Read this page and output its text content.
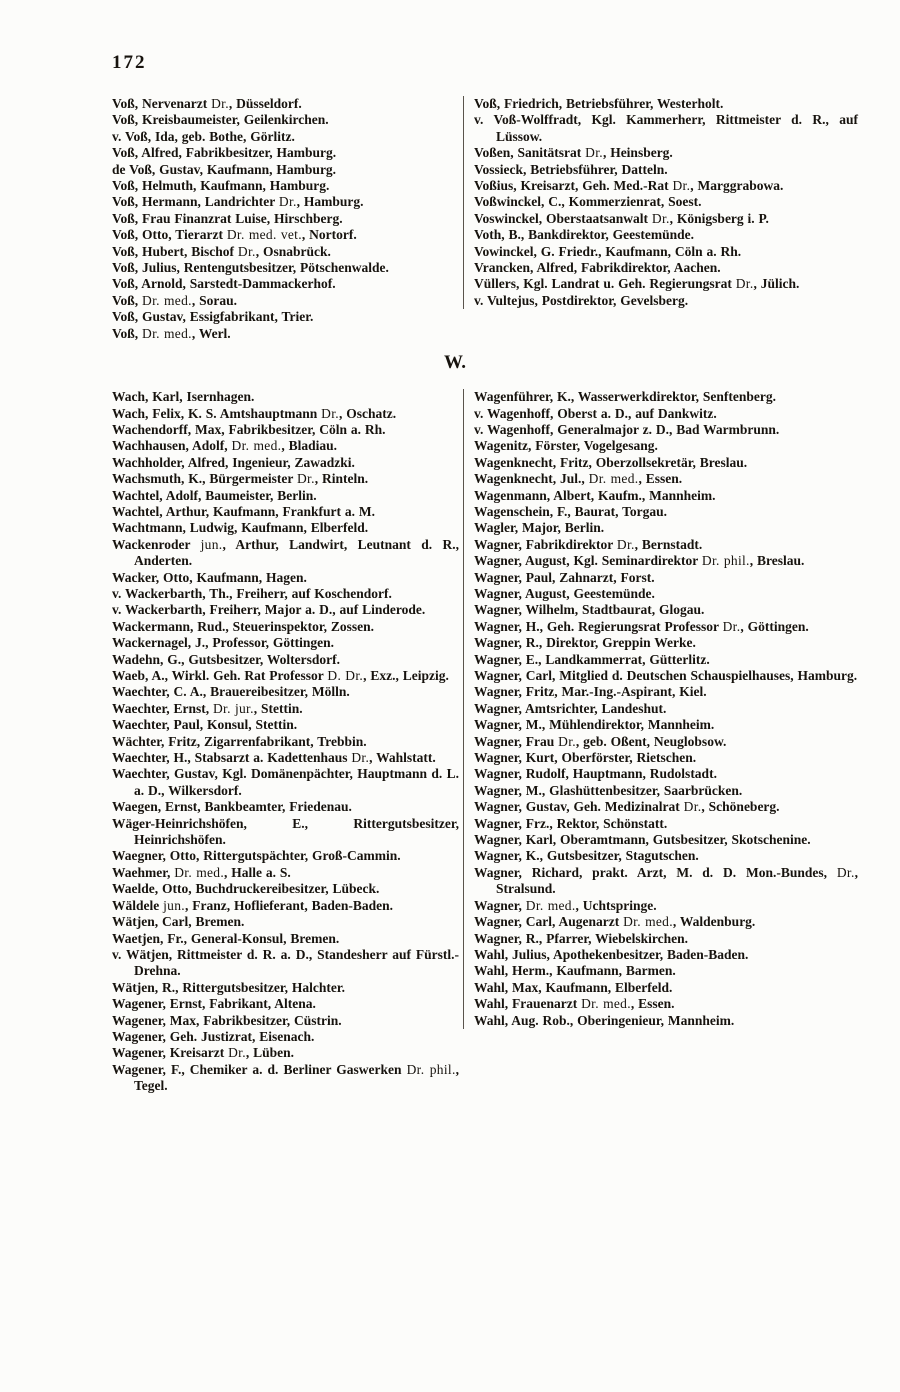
172
Voß, Nervenarzt Dr., Düsseldorf.
Voß, Kreisbaumeister, Geilenkirchen.
v. Voß, Ida, geb. Bothe, Görlitz.
Voß, Alfred, Fabrikbesitzer, Hamburg.
de Voß, Gustav, Kaufmann, Hamburg.
Voß, Helmuth, Kaufmann, Hamburg.
Voß, Hermann, Landrichter Dr., Hamburg.
Voß, Frau Finanzrat Luise, Hirschberg.
Voß, Otto, Tierarzt Dr. med. vet., Nortorf.
Voß, Hubert, Bischof Dr., Osnabrück.
Voß, Julius, Rentengutsbesitzer, Pötschenwalde.
Voß, Arnold, Sarstedt-Dammackerhof.
Voß, Dr. med., Sorau.
Voß, Gustav, Essigfabrikant, Trier.
Voß, Dr. med., Werl.
Voß, Friedrich, Betriebsführer, Westerholt.
v. Voß-Wolffradt, Kgl. Kammerherr, Rittmeister d. R., auf Lüssow.
Voßen, Sanitätsrat Dr., Heinsberg.
Vossieck, Betriebsführer, Datteln.
Voßius, Kreisarzt, Geh. Med.-Rat Dr., Marggrabowa.
Voßwinckel, C., Kommerzienrat, Soest.
Voswinckel, Oberstaatsanwalt Dr., Königsberg i. P.
Voth, B., Bankdirektor, Geestemünde.
Vowinckel, G. Friedr., Kaufmann, Cöln a. Rh.
Vrancken, Alfred, Fabrikdirektor, Aachen.
Vüllers, Kgl. Landrat u. Geh. Regierungsrat Dr., Jülich.
v. Vultejus, Postdirektor, Gevelsberg.
W.
Wach, Karl, Isernhagen.
Wach, Felix, K. S. Amtshauptmann Dr., Oschatz.
Wachendorff, Max, Fabrikbesitzer, Cöln a. Rh.
Wachhausen, Adolf, Dr. med., Bladiau.
Wachholder, Alfred, Ingenieur, Zawadzki.
Wachsmuth, K., Bürgermeister Dr., Rinteln.
Wachtel, Adolf, Baumeister, Berlin.
Wachtel, Arthur, Kaufmann, Frankfurt a. M.
Wachtmann, Ludwig, Kaufmann, Elberfeld.
Wackenroder jun., Arthur, Landwirt, Leutnant d. R., Anderten.
Wacker, Otto, Kaufmann, Hagen.
v. Wackerbarth, Th., Freiherr, auf Koschendorf.
v. Wackerbarth, Freiherr, Major a. D., auf Linderode.
Wackermann, Rud., Steuerinspektor, Zossen.
Wackernagel, J., Professor, Göttingen.
Wadehn, G., Gutsbesitzer, Woltersdorf.
Waeb, A., Wirkl. Geh. Rat Professor D. Dr., Exz., Leipzig.
Waechter, C. A., Brauereibesitzer, Mölln.
Waechter, Ernst, Dr. jur., Stettin.
Waechter, Paul, Konsul, Stettin.
Wächter, Fritz, Zigarrenfabrikant, Trebbin.
Waechter, H., Stabsarzt a. Kadettenhaus Dr., Wahlstatt.
Waechter, Gustav, Kgl. Domänenpächter, Hauptmann d. L. a. D., Wilkersdorf.
Waegen, Ernst, Bankbeamter, Friedenau.
Wäger-Heinrichshöfen, E., Rittergutsbesitzer, Heinrichshöfen.
Waegner, Otto, Rittergutspächter, Groß-Cammin.
Waehmer, Dr. med., Halle a. S.
Waelde, Otto, Buchdruckereibesitzer, Lübeck.
Wäldele jun., Franz, Hoflieferant, Baden-Baden.
Wätjen, Carl, Bremen.
Waetjen, Fr., General-Konsul, Bremen.
v. Wätjen, Rittmeister d. R. a. D., Standesherr auf Fürstl.-Drehna.
Wätjen, R., Rittergutsbesitzer, Halchter.
Wagener, Ernst, Fabrikant, Altena.
Wagener, Max, Fabrikbesitzer, Cüstrin.
Wagener, Geh. Justizrat, Eisenach.
Wagener, Kreisarzt Dr., Lüben.
Wagener, F., Chemiker a. d. Berliner Gaswerken Dr. phil., Tegel.
Wagenführer, K., Wasserwerkdirektor, Senftenberg.
v. Wagenhoff, Oberst a. D., auf Dankwitz.
v. Wagenhoff, Generalmajor z. D., Bad Warmbrunn.
Wagenitz, Förster, Vogelgesang.
Wagenknecht, Fritz, Oberzollsekretär, Breslau.
Wagenknecht, Jul., Dr. med., Essen.
Wagenmann, Albert, Kaufm., Mannheim.
Wagenschein, F., Baurat, Torgau.
Wagler, Major, Berlin.
Wagner, Fabrikdirektor Dr., Bernstadt.
Wagner, August, Kgl. Seminardirektor Dr. phil., Breslau.
Wagner, Paul, Zahnarzt, Forst.
Wagner, August, Geestemünde.
Wagner, Wilhelm, Stadtbaurat, Glogau.
Wagner, H., Geh. Regierungsrat Professor Dr., Göttingen.
Wagner, R., Direktor, Greppin Werke.
Wagner, E., Landkammerrat, Gütterlitz.
Wagner, Carl, Mitglied d. Deutschen Schauspielhauses, Hamburg.
Wagner, Fritz, Mar.-Ing.-Aspirant, Kiel.
Wagner, Amtsrichter, Landeshut.
Wagner, M., Mühlendirektor, Mannheim.
Wagner, Frau Dr., geb. Oßent, Neuglobsow.
Wagner, Kurt, Oberförster, Rietschen.
Wagner, Rudolf, Hauptmann, Rudolstadt.
Wagner, M., Glashüttenbesitzer, Saarbrücken.
Wagner, Gustav, Geh. Medizinalrat Dr., Schöneberg.
Wagner, Frz., Rektor, Schönstatt.
Wagner, Karl, Oberamtmann, Gutsbesitzer, Skotschenine.
Wagner, K., Gutsbesitzer, Stagutschen.
Wagner, Richard, prakt. Arzt, M. d. D. Mon.-Bundes, Dr., Stralsund.
Wagner, Dr. med., Uchtspringe.
Wagner, Carl, Augenarzt Dr. med., Waldenburg.
Wagner, R., Pfarrer, Wiebelskirchen.
Wahl, Julius, Apothekenbesitzer, Baden-Baden.
Wahl, Herm., Kaufmann, Barmen.
Wahl, Max, Kaufmann, Elberfeld.
Wahl, Frauenarzt Dr. med., Essen.
Wahl, Aug. Rob., Oberingenieur, Mannheim.
